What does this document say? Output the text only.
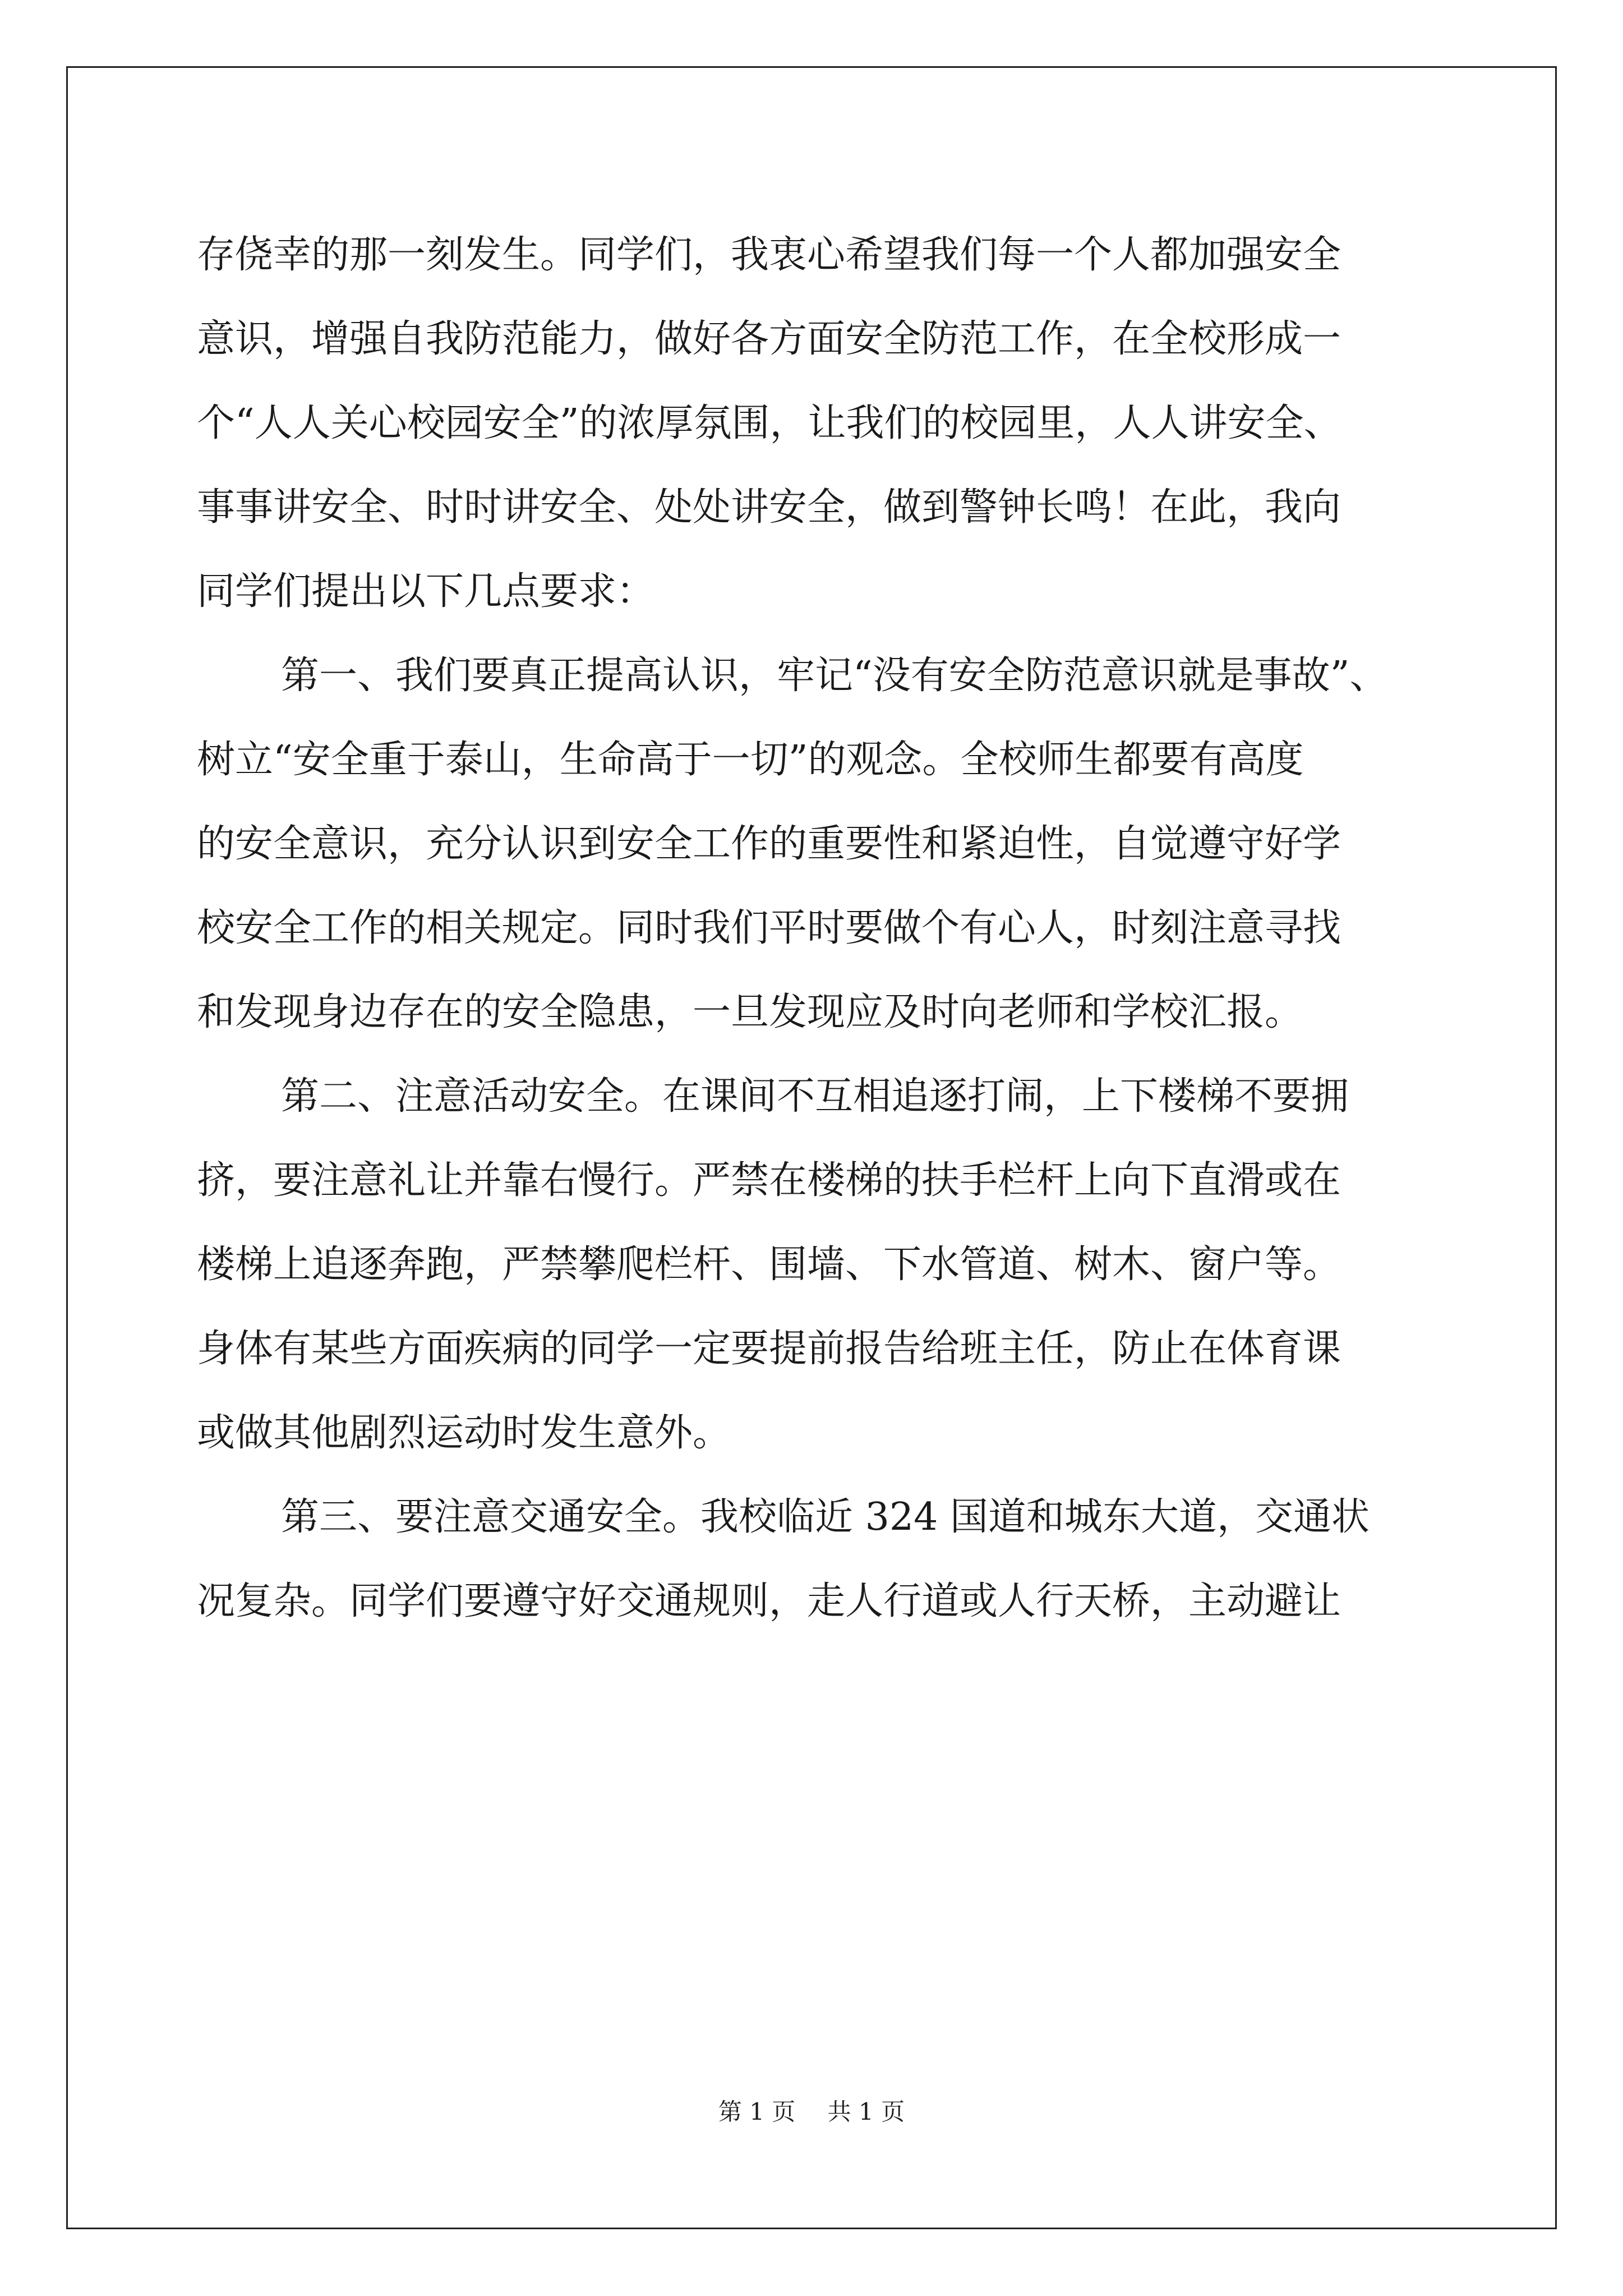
存侥幸的那一刻发生。同学们，我衷心希望我们每一个人都加强安全
意识，增强自我防范能力，做好各方面安全防范工作，在全校形成一
个“人人关心校园安全”的浓厚氛围，让我们的校园里，人人讲安全、
事事讲安全、时时讲安全、处处讲安全，做到警钟长鸣！在此，我向
同学们提出以下几点要求：
第一、我们要真正提高认识，牢记“没有安全防范意识就是事故”、
树立“安全重于泰山，生命高于一切”的观念。全校师生都要有高度
的安全意识，充分认识到安全工作的重要性和紧迫性，自觉遵守好学
校安全工作的相关规定。同时我们平时要做个有心人，时刻注意寻找
和发现身边存在的安全隐患，一旦发现应及时向老师和学校汇报。
第二、注意活动安全。在课间不互相追逐打闹，上下楼梯不要拥
挤，要注意礼让并靠右慢行。严禁在楼梯的扶手栏杆上向下直滑或在
楼梯上追逐奔跑，严禁攀爬栏杆、围墙、下水管道、树木、窗户等。
身体有某些方面疾病的同学一定要提前报告给班主任，防止在体育课
或做其他剧烈运动时发生意外。
第三、要注意交通安全。我校临近 324 国道和城东大道，交通状
况复杂。同学们要遵守好交通规则，走人行道或人行天桥，主动避让
第 1 页 共 1 页
